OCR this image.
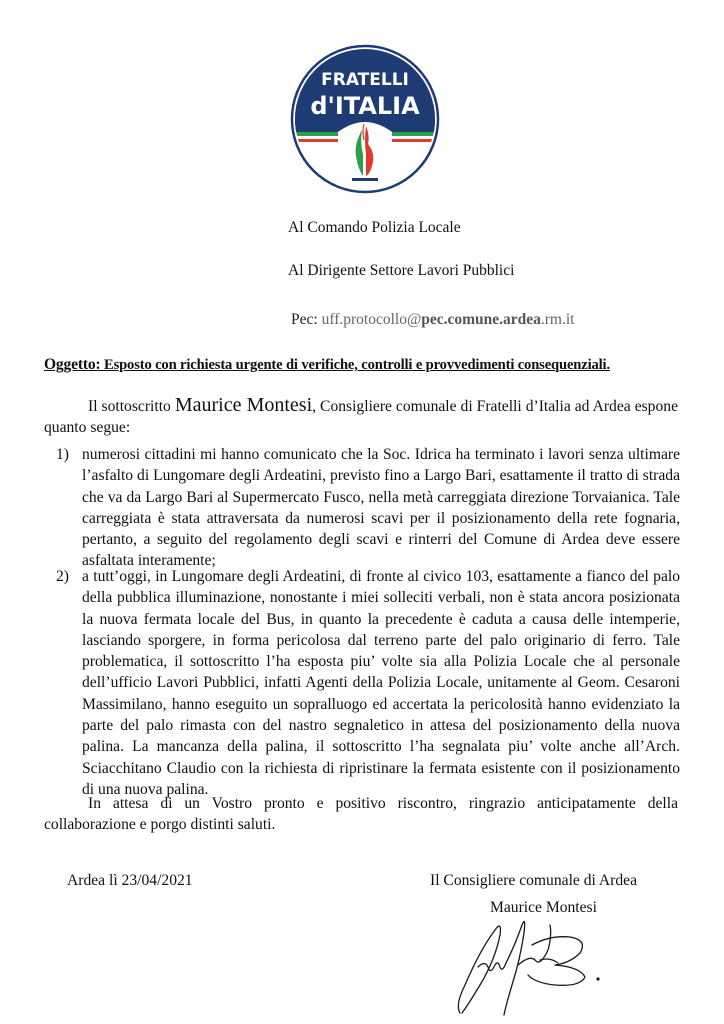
FRATELLI
d'ITALIA
Al Comando Polizia Locale
Al Dirigente Settore Lavori Pubblici
Pec: uff.protocollo@pec.comune.ardea.rm.it
Oggetto: Esposto con richiesta urgente di verifiche, controlli e provvedimenti consequenziali.
Il sottoscritto Maurice Montesi, Consigliere comunale di Fratelli d’Italia ad Ardea espone quanto segue:
1) numerosi cittadini mi hanno comunicato che la Soc. Idrica ha terminato i lavori senza ultimare l’asfalto di Lungomare degli Ardeatini, previsto fino a Largo Bari, esattamente il tratto di strada che va da Largo Bari al Supermercato Fusco, nella metà carreggiata direzione Torvaianica. Tale carreggiata è stata attraversata da numerosi scavi per il posizionamento della rete fognaria, pertanto, a seguito del regolamento degli scavi e rinterri del Comune di Ardea deve essere asfaltata interamente;
2) a tutt’oggi, in Lungomare degli Ardeatini, di fronte al civico 103, esattamente a fianco del palo della pubblica illuminazione, nonostante i miei solleciti verbali, non è stata ancora posizionata la nuova fermata locale del Bus, in quanto la precedente è caduta a causa delle intemperie, lasciando sporgere, in forma pericolosa dal terreno parte del palo originario di ferro. Tale problematica, il sottoscritto l’ha esposta piu’ volte sia alla Polizia Locale che al personale dell’ufficio Lavori Pubblici, infatti Agenti della Polizia Locale, unitamente al Geom. Cesaroni Massimilano, hanno eseguito un sopralluogo ed accertata la pericolosità hanno evidenziato la parte del palo rimasta con del nastro segnaletico in attesa del posizionamento della nuova palina. La mancanza della palina, il sottoscritto l’ha segnalata piu’ volte anche all’Arch. Sciacchitano Claudio con la richiesta di ripristinare la fermata esistente con il posizionamento di una nuova palina.
In attesa di un Vostro pronto e positivo riscontro, ringrazio anticipatamente della collaborazione e porgo distinti saluti.
Ardea lì 23/04/2021	Il Consigliere comunale di Ardea
Maurice Montesi
